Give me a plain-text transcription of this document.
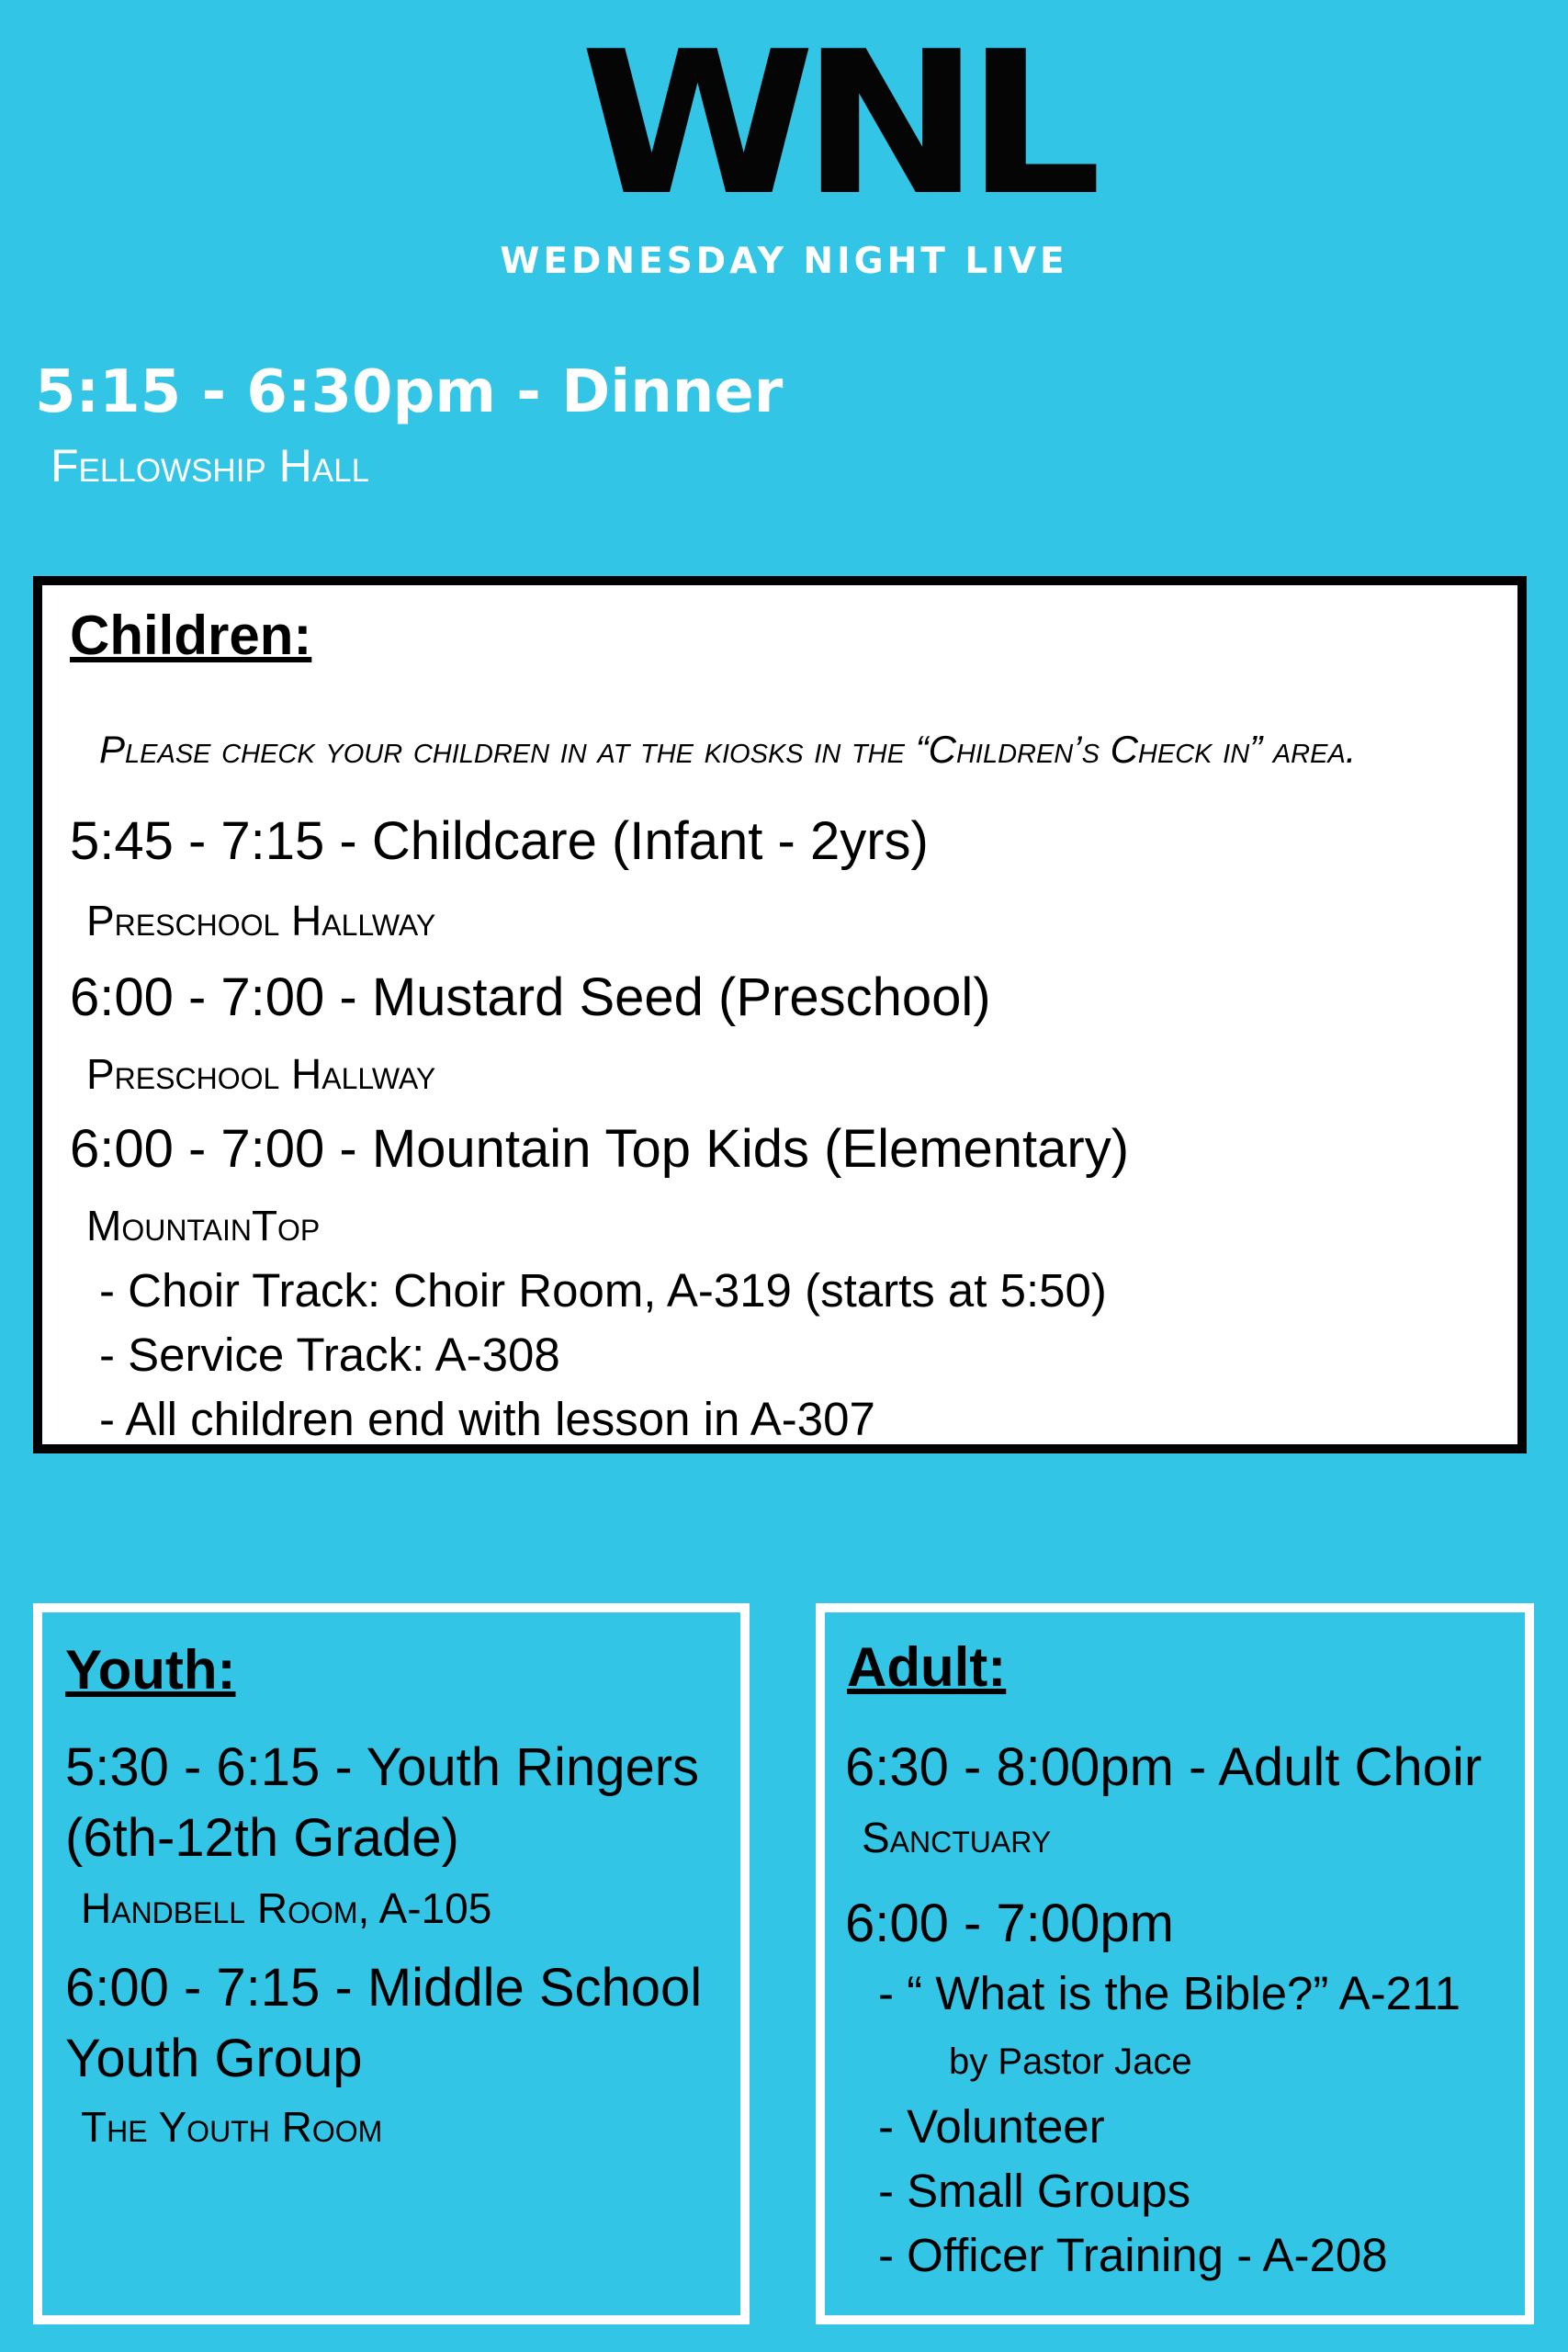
WNL
WEDNESDAY NIGHT LIVE
5:15 - 6:30pm - Dinner
Fellowship Hall
Children:
Please check your children in at the kiosks in the “Children’s Check in” area.
5:45 - 7:15 - Childcare (Infant - 2yrs)
Preschool Hallway
6:00 - 7:00 - Mustard Seed (Preschool)
Preschool Hallway
6:00 - 7:00 - Mountain Top Kids (Elementary)
MountainTop
- Choir Track: Choir Room, A-319 (starts at 5:50)
- Service Track: A-308
- All children end with lesson in A-307
Youth:
5:30 - 6:15 - Youth Ringers
(6th-12th Grade)
Handbell Room, A-105
6:00 - 7:15 - Middle School
Youth Group
The Youth Room
Adult:
6:30 - 8:00pm - Adult Choir
Sanctuary
6:00 - 7:00pm
- “ What is the Bible?” A-211
by Pastor Jace
- Volunteer
- Small Groups
- Officer Training - A-208
